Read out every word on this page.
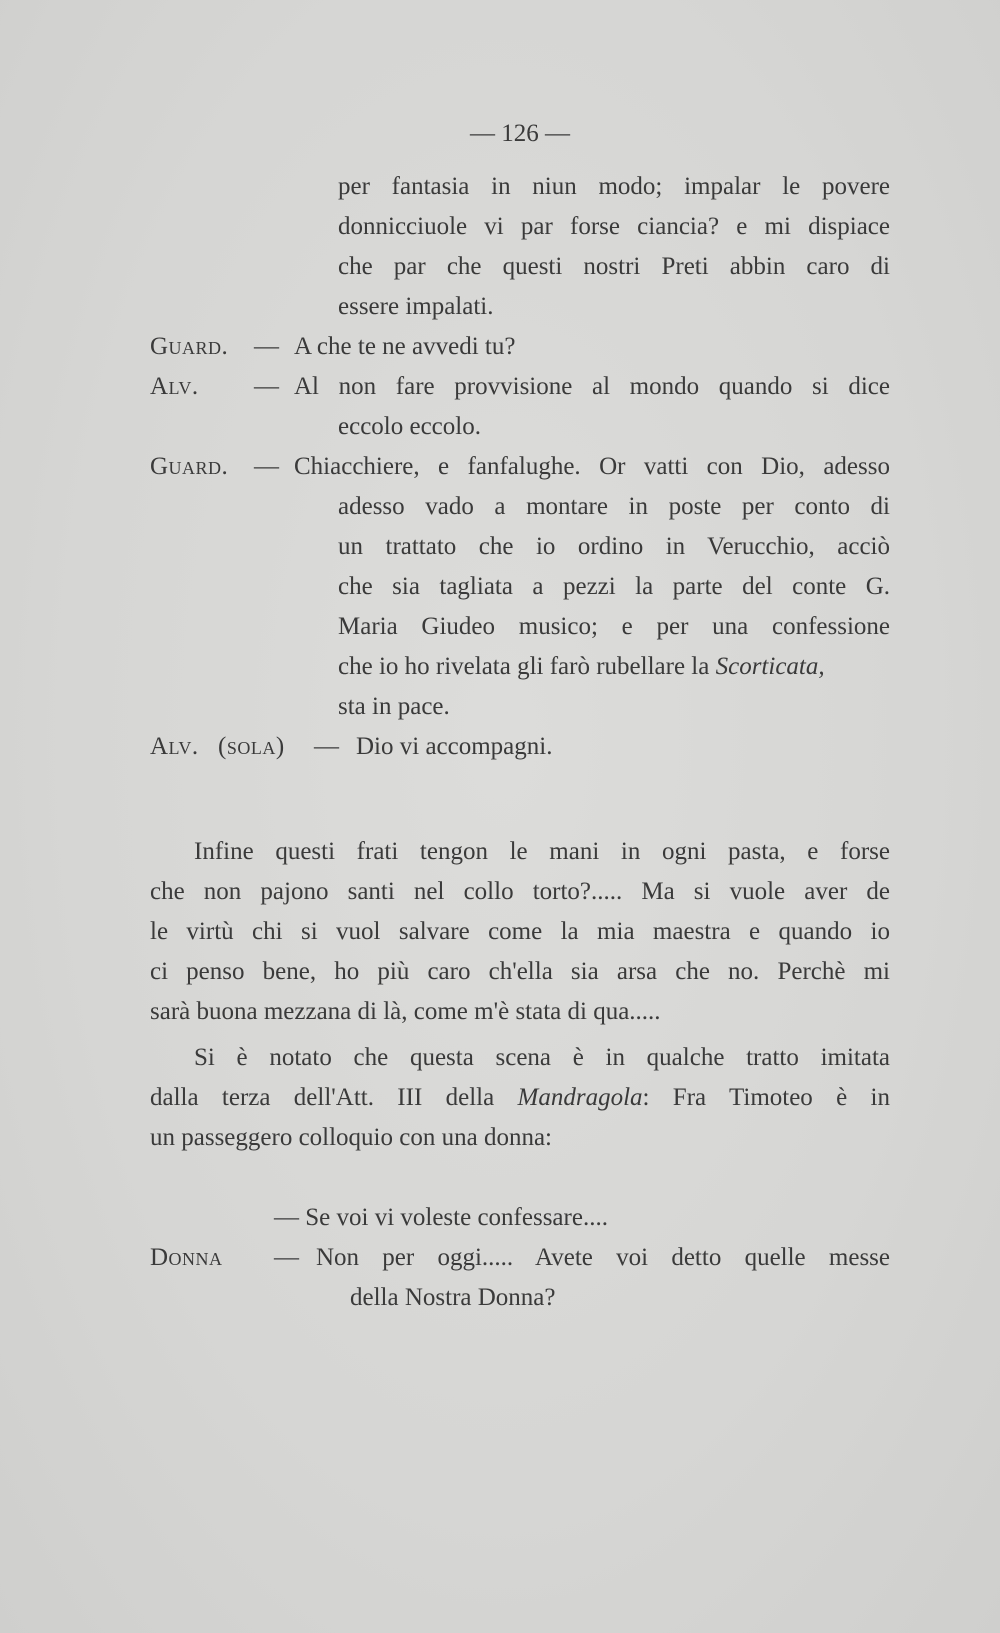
— 126 —
per fantasia in niun modo; impalar le povere
donnicciuole vi par forse ciancia? e mi dispiace
che par che questi nostri Preti abbin caro di
essere impalati.
Guard. — A che te ne avvedi tu?
Alv. — Al non fare provvisione al mondo quando si dice
eccolo eccolo.
Guard. — Chiacchiere, e fanfalughe. Or vatti con Dio, adesso
adesso vado a montare in poste per conto di
un trattato che io ordino in Verucchio, acciò
che sia tagliata a pezzi la parte del conte G.
Maria Giudeo musico; e per una confessione
che io ho rivelata gli farò rubellare la Scorticata,
sta in pace.
Alv. (sola) — Dio vi accompagni.
Infine questi frati tengon le mani in ogni pasta, e forse
che non pajono santi nel collo torto?..... Ma si vuole aver de
le virtù chi si vuol salvare come la mia maestra e quando io
ci penso bene, ho più caro ch'ella sia arsa che no. Perchè mi
sarà buona mezzana di là, come m'è stata di qua.....
Si è notato che questa scena è in qualche tratto imitata
dalla terza dell'Att. III della Mandragola: Fra Timoteo è in
un passeggero colloquio con una donna:
— Se voi vi voleste confessare....
Donna — Non per oggi..... Avete voi detto quelle messe
della Nostra Donna?
